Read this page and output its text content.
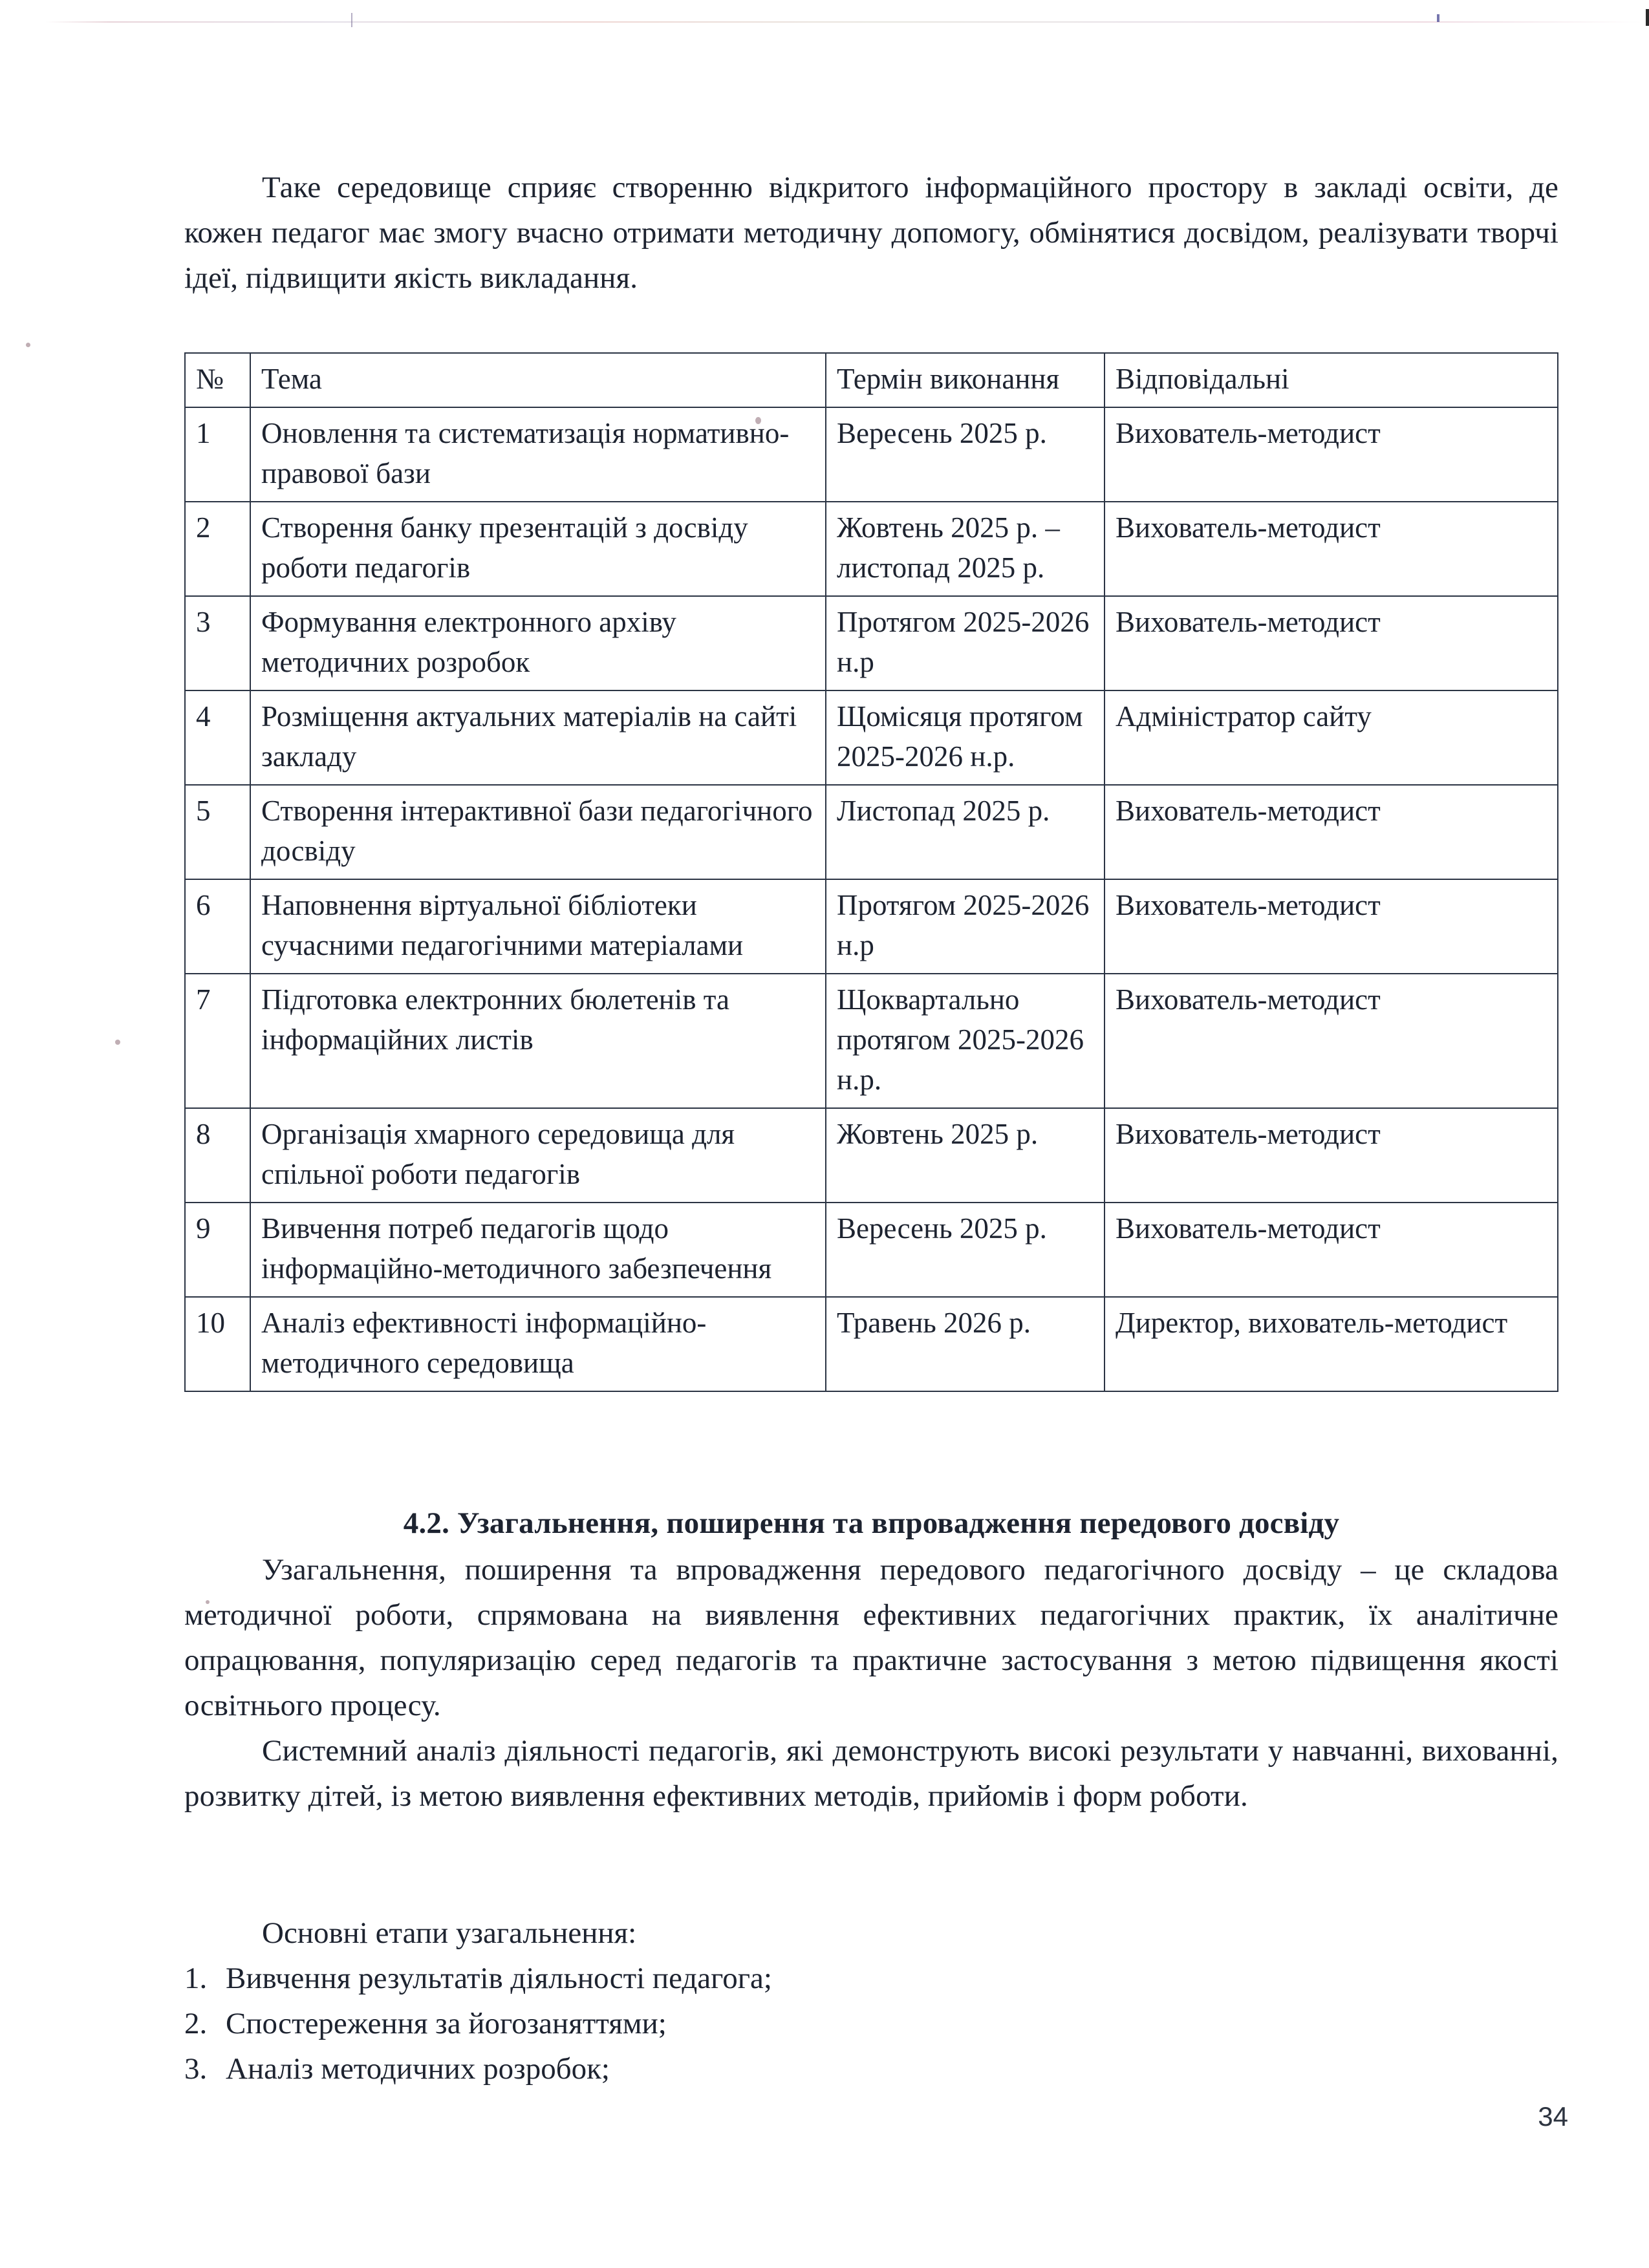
Таке середовище сприяє створенню відкритого інформаційного простору в закладі освіти, де кожен педагог має змогу вчасно отримати методичну допомогу, обмінятися досвідом, реалізувати творчі ідеї, підвищити якість викладання.

№	Тема	Термін виконання	Відповідальні
1	Оновлення та систематизація нормативно-правової бази	Вересень 2025 р.	Вихователь-методист
2	Створення банку презентацій з досвіду роботи педагогів	Жовтень 2025 р. – листопад 2025 р.	Вихователь-методист
3	Формування електронного архіву методичних розробок	Протягом 2025-2026 н.р	Вихователь-методист
4	Розміщення актуальних матеріалів на сайті закладу	Щомісяця протягом 2025-2026 н.р.	Адміністратор сайту
5	Створення інтерактивної бази педагогічного досвіду	Листопад 2025 р.	Вихователь-методист
6	Наповнення віртуальної бібліотеки сучасними педагогічними матеріалами	Протягом 2025-2026 н.р	Вихователь-методист
7	Підготовка електронних бюлетенів та інформаційних листів	Щоквартально протягом 2025-2026 н.р.	Вихователь-методист
8	Організація хмарного середовища для спільної роботи педагогів	Жовтень 2025 р.	Вихователь-методист
9	Вивчення потреб педагогів щодо інформаційно-методичного забезпечення	Вересень 2025 р.	Вихователь-методист
10	Аналіз ефективності інформаційно-методичного середовища	Травень 2026 р.	Директор, вихователь-методист
4.2. Узагальнення, поширення та впровадження передового досвіду

Узагальнення, поширення та впровадження передового педагогічного досвіду – це складова методичної роботи, спрямована на виявлення ефективних педагогічних практик, їх аналітичне опрацювання, популяризацію серед педагогів та практичне застосування з метою підвищення якості освітнього процесу.

Системний аналіз діяльності педагогів, які демонструють високі результати у навчанні, вихованні, розвитку дітей, із метою виявлення ефективних методів, прийомів і форм роботи.

Основні етапи узагальнення:

1. Вивчення результатів діяльності педагога;
2. Спостереження за йогозаняттями;
3. Аналіз методичних розробок;
34
